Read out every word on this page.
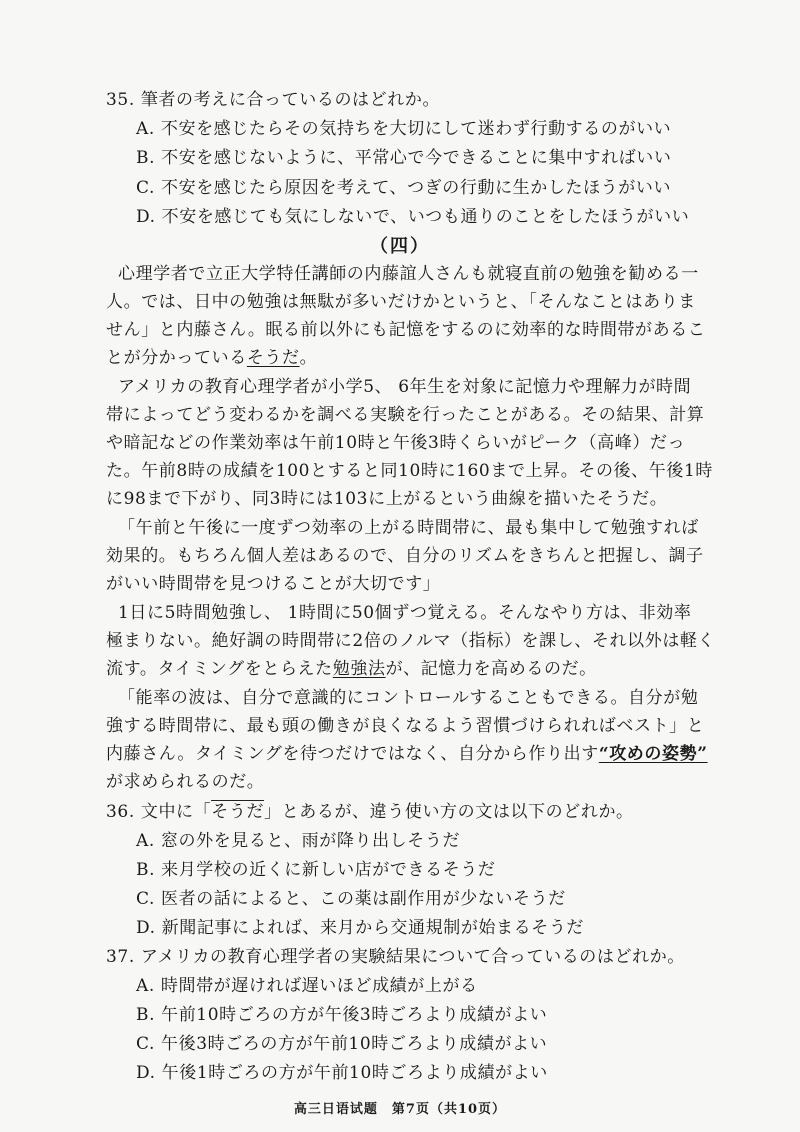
35. 筆者の考えに合っているのはどれか。
A. 不安を感じたらその気持ちを大切にして迷わず行動するのがいい
B. 不安を感じないように、平常心で今できることに集中すればいい
C. 不安を感じたら原因を考えて、つぎの行動に生かしたほうがいい
D. 不安を感じても気にしないで、いつも通りのことをしたほうがいい
（四）
心理学者で立正大学特任講師の内藤誼人さんも就寝直前の勉強を勧める一
人。では、日中の勉強は無駄が多いだけかというと、「そんなことはありま
せん」と内藤さん。眠る前以外にも記憶をするのに効率的な時間帯があるこ
とが分かっているそうだ。
アメリカの教育心理学者が小学5、 6年生を対象に記憶力や理解力が時間
帯によってどう変わるかを調べる実験を行ったことがある。その結果、計算
や暗記などの作業効率は午前10時と午後3時くらいがピーク（高峰）だっ
た。午前8時の成績を100とすると同10時に160まで上昇。その後、午後1時
に98まで下がり、同3時には103に上がるという曲線を描いたそうだ。
「午前と午後に一度ずつ効率の上がる時間帯に、最も集中して勉強すれば
効果的。もちろん個人差はあるので、自分のリズムをきちんと把握し、調子
がいい時間帯を見つけることが大切です」
1日に5時間勉強し、 1時間に50個ずつ覚える。そんなやり方は、非効率
極まりない。絶好調の時間帯に2倍のノルマ（指标）を課し、それ以外は軽く
流す。タイミングをとらえた勉強法が、記憶力を高めるのだ。
「能率の波は、自分で意識的にコントロールすることもできる。自分が勉
強する時間帯に、最も頭の働きが良くなるよう習慣づけられればベスト」と
内藤さん。タイミングを待つだけではなく、自分から作り出す“攻めの姿勢”
が求められるのだ。
36. 文中に「そうだ」とあるが、違う使い方の文は以下のどれか。
A. 窓の外を見ると、雨が降り出しそうだ
B. 来月学校の近くに新しい店ができるそうだ
C. 医者の話によると、この薬は副作用が少ないそうだ
D. 新聞記事によれば、来月から交通規制が始まるそうだ
37. アメリカの教育心理学者の実験結果について合っているのはどれか。
A. 時間帯が遅ければ遅いほど成績が上がる
B. 午前10時ごろの方が午後3時ごろより成績がよい
C. 午後3時ごろの方が午前10時ごろより成績がよい
D. 午後1時ごろの方が午前10時ごろより成績がよい
高三日语试题　第7页（共10页）
